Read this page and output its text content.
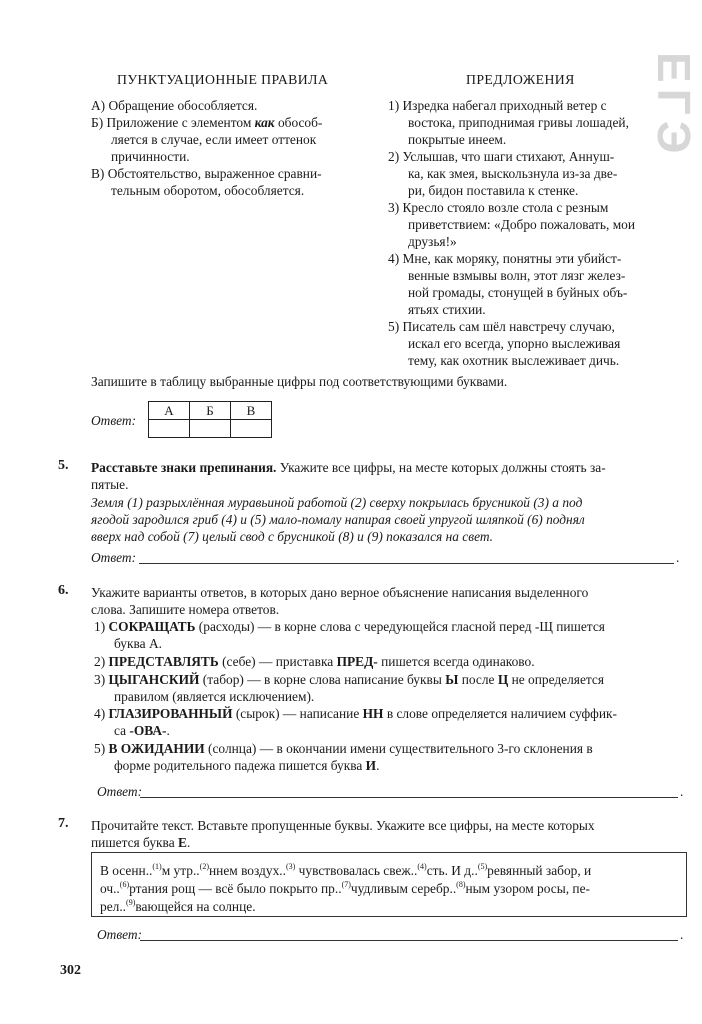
ПУНКТУАЦИОННЫЕ ПРАВИЛА
А) Обращение обособляется.
Б) Приложение с элементом как обособ-
ляется в случае, если имеет оттенок
причинности.
В) Обстоятельство, выраженное сравни-
тельным оборотом, обособляется.
ПРЕДЛОЖЕНИЯ
1) Изредка набегал приходный ветер с
востока, приподнимая гривы лошадей,
покрытые инеем.
2) Услышав, что шаги стихают, Аннуш-
ка, как змея, выскользнула из-за две-
ри, бидон поставила к стенке.
3) Кресло стояло возле стола с резным
приветствием: «Добро пожаловать, мои
друзья!»
4) Мне, как моряку, понятны эти убийст-
венные взмывы волн, этот лязг желез-
ной громады, стонущей в буйных объ-
ятьях стихии.
5) Писатель сам шёл навстречу случаю,
искал его всегда, упорно выслеживая
тему, как охотник выслеживает дичь.
ЕГЭ
Запишите в таблицу выбранные цифры под соответствующими буквами.
Ответ:
А	Б	В

5. Расставьте знаки препинания. Укажите все цифры, на месте которых должны стоять за-
пятые.
Земля (1) разрыхлённая муравьиной работой (2) сверху покрылась брусникой (3) а под
ягодой зародился гриб (4) и (5) мало-помалу напирая своей упругой шляпкой (6) поднял
вверх над собой (7) целый свод с брусникой (8) и (9) показался на свет.
Ответ:	.
6. Укажите варианты ответов, в которых дано верное объяснение написания выделенного
слова. Запишите номера ответов.
1) СОКРАЩАТЬ (расходы) — в корне слова с чередующейся гласной перед -Щ пишется
буква А.
2) ПРЕДСТАВЛЯТЬ (себе) — приставка ПРЕД- пишется всегда одинаково.
3) ЦЫГАНСКИЙ (табор) — в корне слова написание буквы Ы после Ц не определяется
правилом (является исключением).
4) ГЛАЗИРОВАННЫЙ (сырок) — написание НН в слове определяется наличием суффик-
са -ОВА-.
5) В ОЖИДАНИИ (солнца) — в окончании имени существительного 3-го склонения в
форме родительного падежа пишется буква И.
Ответ:	.
7. Прочитайте текст. Вставьте пропущенные буквы. Укажите все цифры, на месте которых
пишется буква Е.
В осенн..$^{(1)}$м утр..$^{(2)}$ннем воздух..$^{(3)}$ чувствовалась свеж..$^{(4)}$сть. И д..$^{(5)}$ревянный забор, и
оч..$^{(6)}$ртания рощ — всё было покрыто пр..$^{(7)}$чудливым серебр..$^{(8)}$ным узором росы, пе-
рел..$^{(9)}$вающейся на солнце.
Ответ:	.
302
